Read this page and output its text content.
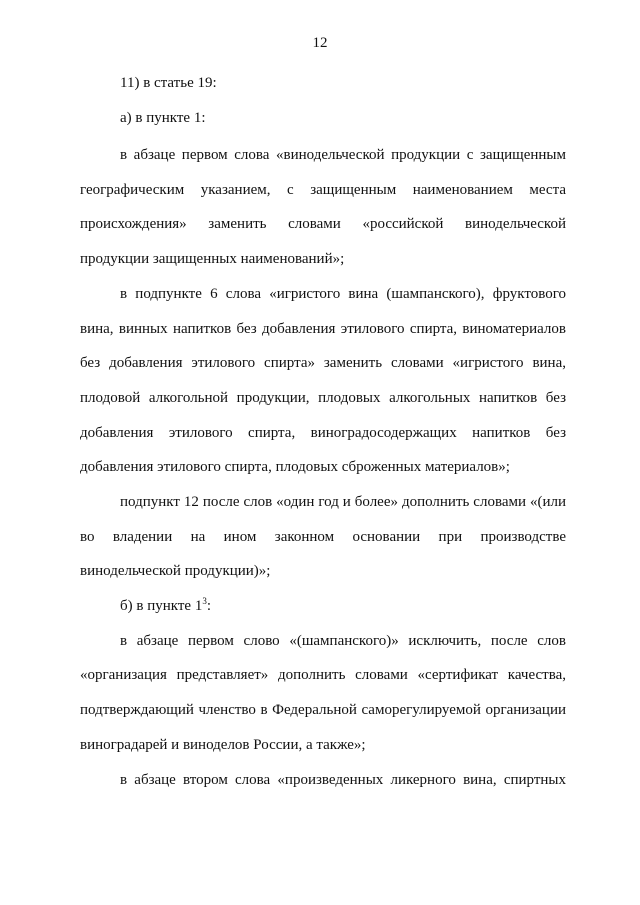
12
11) в статье 19:
а) в пункте 1:
в абзаце первом слова «винодельческой продукции с защищенным
географическим указанием, с защищенным наименованием места
происхождения» заменить словами «российской винодельческой
продукции защищенных наименований»;
в подпункте 6 слова «игристого вина (шампанского), фруктового
вина, винных напитков без добавления этилового спирта, виноматериалов
без добавления этилового спирта» заменить словами «игристого вина,
плодовой алкогольной продукции, плодовых алкогольных напитков без
добавления этилового спирта, виноградосодержащих напитков без
добавления этилового спирта, плодовых сброженных материалов»;
подпункт 12 после слов «один год и более» дополнить словами «(или
во владении на ином законном основании при производстве
винодельческой продукции)»;
б) в пункте $1^3$:
в абзаце первом слово «(шампанского)» исключить, после слов
«организация представляет» дополнить словами «сертификат качества,
подтверждающий членство в Федеральной саморегулируемой организации
виноградарей и виноделов России, а также»;
в абзаце втором слова «произведенных ликерного вина, спиртных
